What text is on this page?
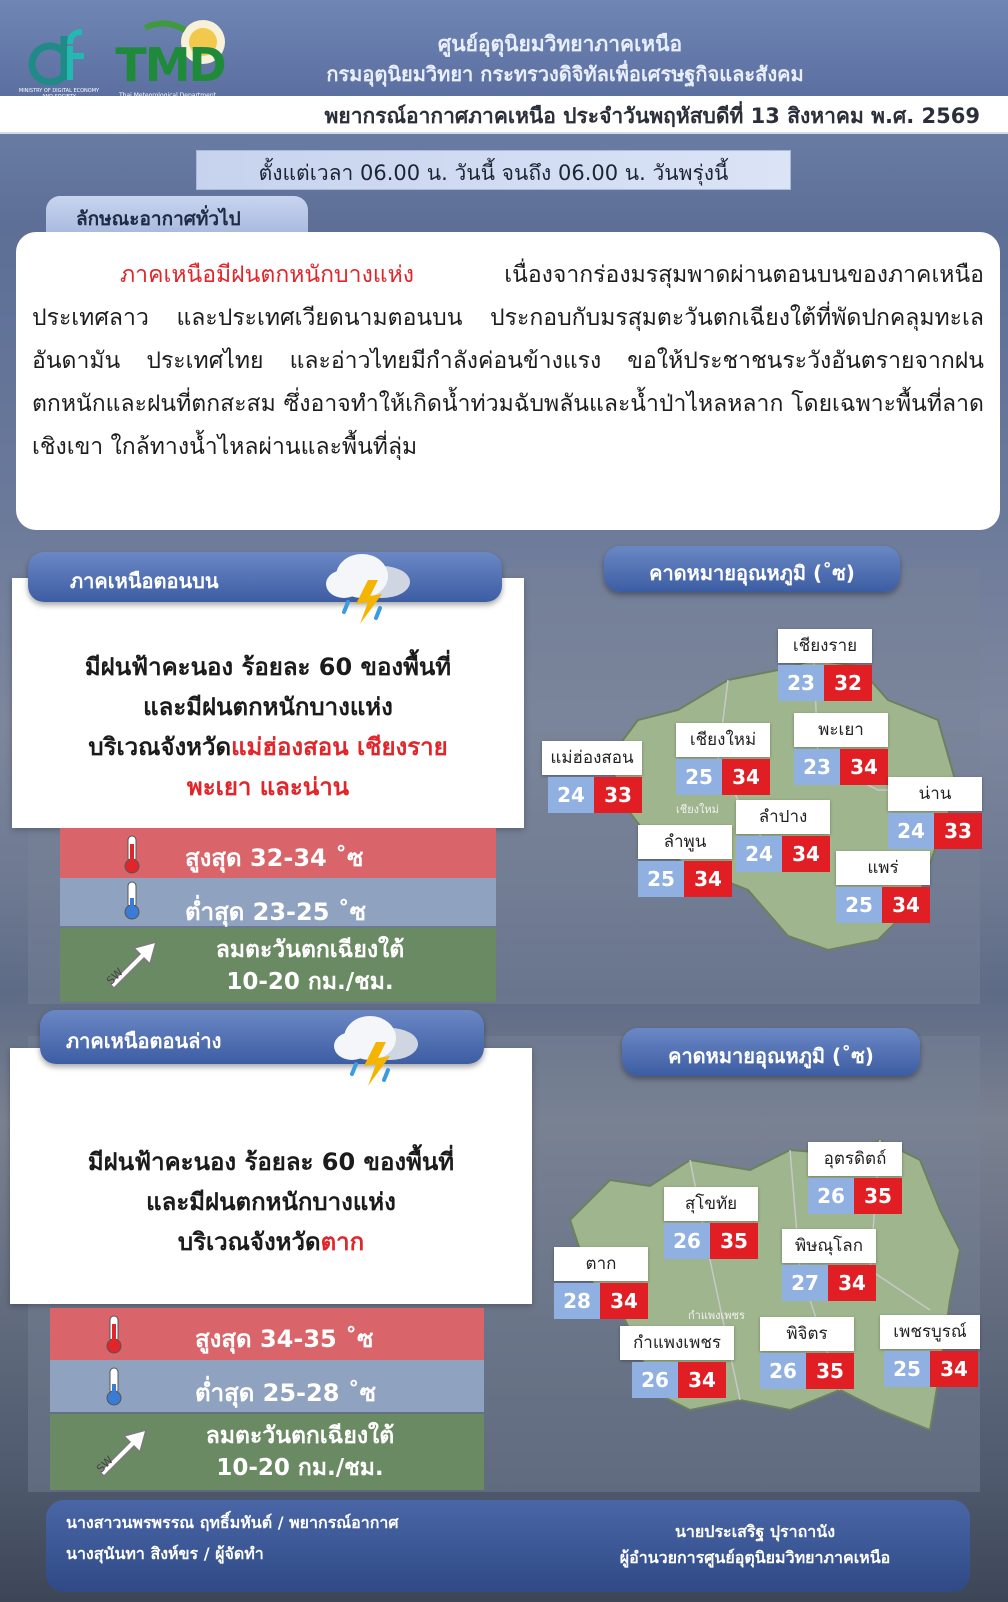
MINISTRY OF DIGITAL ECONOMY TMD	ศูนย์อุตุนิยมวิทยาภาคเหนือ
กรมอุตุนิยมวิทยา กระทรวงดิจิทัลเพื่อเศรษฐกิจและสังคม
พยากรณ์อากาศภาคเหนือ ประจำวันพฤหัสบดีที่ 13 สิงหาคม พ.ศ. 2569
ตั้งแต่เวลา 06.00 น. วันนี้ จนถึง 06.00 น. วันพรุ่งนี้
ลักษณะอากาศทั่วไป
ภาคเหนือมีฝนตกหนักบางแห่ง เนื่องจากร่องมรสุมพาดผ่านตอนบนของภาคเหนือ ประเทศลาว และประเทศเวียดนามตอนบน ประกอบกับมรสุมตะวันตกเฉียงใต้ที่พัดปกคลุมทะเลอันดามัน ประเทศไทย และอ่าวไทยมีกำลังค่อนข้างแรง ขอให้ประชาชนระวังอันตรายจากฝนตกหนักและฝนที่ตกสะสม ซึ่งอาจทำให้เกิดน้ำท่วมฉับพลันและน้ำป่าไหลหลาก โดยเฉพาะพื้นที่ลาดเชิงเขา ใกล้ทางน้ำไหลผ่านและพื้นที่ลุ่ม
ภาคเหนือตอนบน
มีฝนฟ้าคะนอง ร้อยละ 60 ของพื้นที่
และมีฝนตกหนักบางแห่ง
บริเวณจังหวัดแม่ฮ่องสอน เชียงราย
พะเยา และน่าน
สูงสุด 32-34 ˚ซ
ต่ำสุด 23-25 ˚ซ
SW
ลมตะวันตกเฉียงใต้
10-20 กม./ชม.
คาดหมายอุณหภูมิ (˚ซ)
เชียงใหม่
เชียงราย
23 32
เชียงใหม่
25 34
พะเยา
23 34
แม่ฮ่องสอน
24 33	น่าน
24 33
ลำปาง
24 34
ลำพูน
25 34	แพร่
25 34
ภาคเหนือตอนล่าง
มีฝนฟ้าคะนอง ร้อยละ 60 ของพื้นที่
และมีฝนตกหนักบางแห่ง
บริเวณจังหวัดตาก
สูงสุด 34-35 ˚ซ
ต่ำสุด 25-28 ˚ซ
SW
ลมตะวันตกเฉียงใต้
10-20 กม./ชม.
คาดหมายอุณหภูมิ (˚ซ)
กำแพงเพชร
อุตรดิตถ์
26 35
สุโขทัย
26 35	พิษณุโลก
27 34
ตาก
28 34
กำแพงเพชร
26 34
พิจิตร
26 35
เพชรบูรณ์
25 34
นางสาวนพรพรรณ ฤทธิ์มหันต์ / พยากรณ์อากาศ
นางสุนันทา สิงห์ขร / ผู้จัดทำ
นายประเสริฐ ปุราถานัง
ผู้อำนวยการศูนย์อุตุนิยมวิทยาภาคเหนือ
